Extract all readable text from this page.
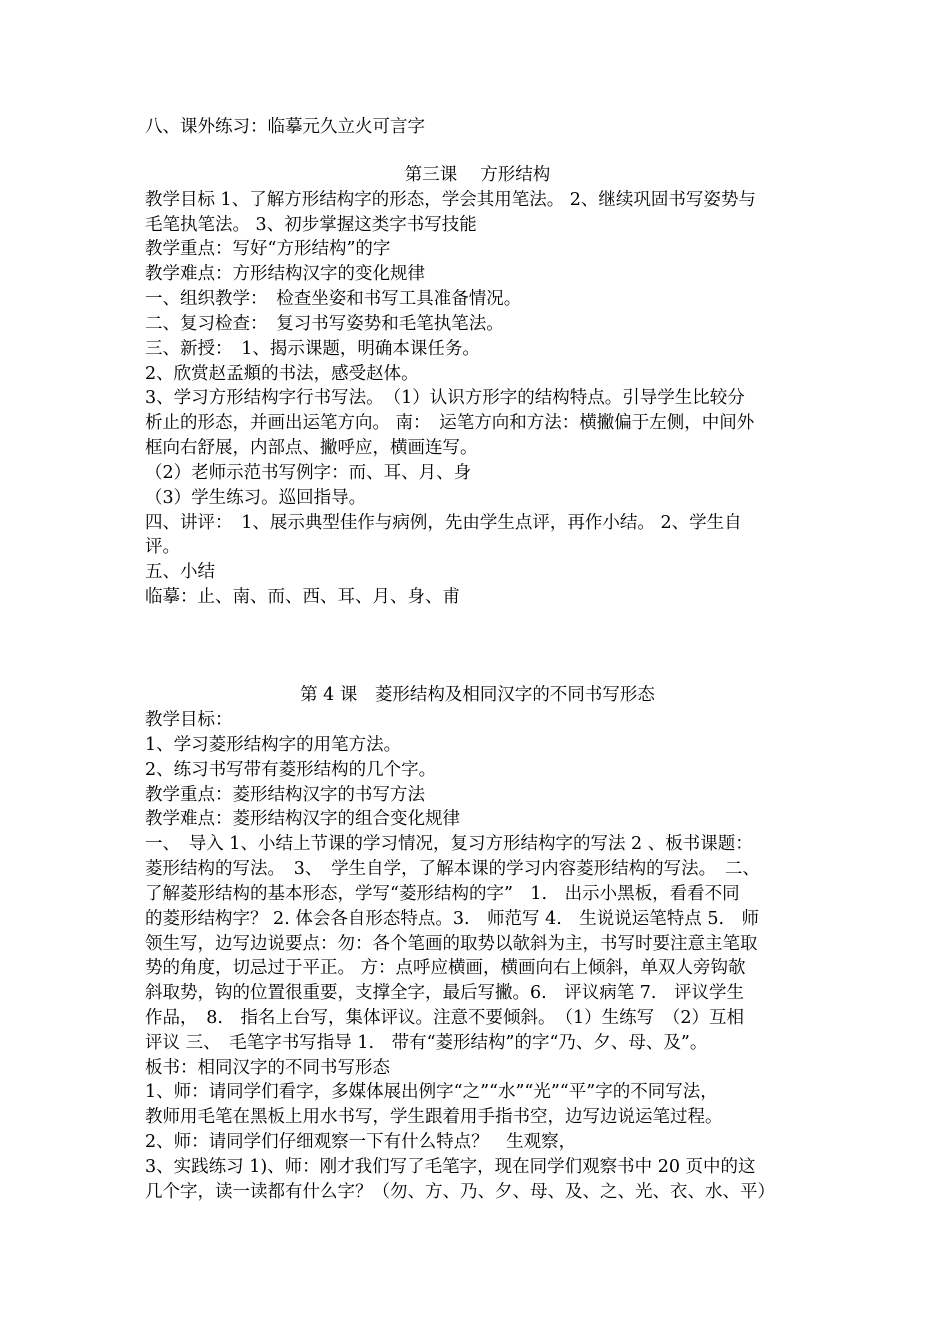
八、课外练习：临摹元久立火可言字
第三课　 方形结构
教学目标 1、了解方形结构字的形态，学会其用笔法。 2、继续巩固书写姿势与
毛笔执笔法。 3、初步掌握这类字书写技能
教学重点：写好“方形结构”的字
教学难点：方形结构汉字的变化规律
一、组织教学：　检查坐姿和书写工具准备情况。
二、复习检查：　复习书写姿势和毛笔执笔法。
三、新授：　1、揭示课题，明确本课任务。
2、欣赏赵孟頫的书法，感受赵体。
3、学习方形结构字行书写法。　（1）认识方形字的结构特点。引导学生比较分
析止的形态，并画出运笔方向。 南：　运笔方向和方法：横撇偏于左侧，中间外
框向右舒展，内部点、撇呼应，横画连写。
（2）老师示范书写例字：而、耳、月、身
（3）学生练习。巡回指导。
四、讲评：　1、展示典型佳作与病例，先由学生点评，再作小结。 2、学生自
评。
五、小结
临摹：止、南、而、西、耳、月、身、甫
第 4 课　菱形结构及相同汉字的不同书写形态
教学目标：
1、学习菱形结构字的用笔方法。
2、练习书写带有菱形结构的几个字。
教学重点：菱形结构汉字的书写方法
教学难点：菱形结构汉字的组合变化规律
一、　导入 1、小结上节课的学习情况，复习方形结构字的写法 2 、板书课题：
菱形结构的写法。　3、　学生自学，了解本课的学习内容菱形结构的写法。　二、
了解菱形结构的基本形态，学写“菱形结构的字”　1.　出示小黑板，看看不同
的菱形结构字？ 2. 体会各自形态特点。3.　师范写 4.　生说说运笔特点 5.　师
领生写，边写边说要点：勿：各个笔画的取势以欹斜为主，书写时要注意主笔取
势的角度，切忌过于平正。 方：点呼应横画，横画向右上倾斜，单双人旁钩欹
斜取势，钩的位置很重要，支撑全字，最后写撇。6.　评议病笔 7.　评议学生
作品，　8.　指名上台写，集体评议。注意不要倾斜。　（1）生练写　（2）互相
评议 三、　毛笔字书写指导 1.　带有“菱形结构”的字“乃、夕、母、及”。
板书：相同汉字的不同书写形态
1、师：请同学们看字，多媒体展出例字“之”“水”“光”“平”字的不同写法，
教师用毛笔在黑板上用水书写，学生跟着用手指书空，边写边说运笔过程。
2、师：请同学们仔细观察一下有什么特点？　生观察，
3、实践练习 1)、师：刚才我们写了毛笔字，现在同学们观察书中 20 页中的这
几个字，读一读都有什么字？（勿、方、乃、夕、母、及、之、光、衣、水、平）
